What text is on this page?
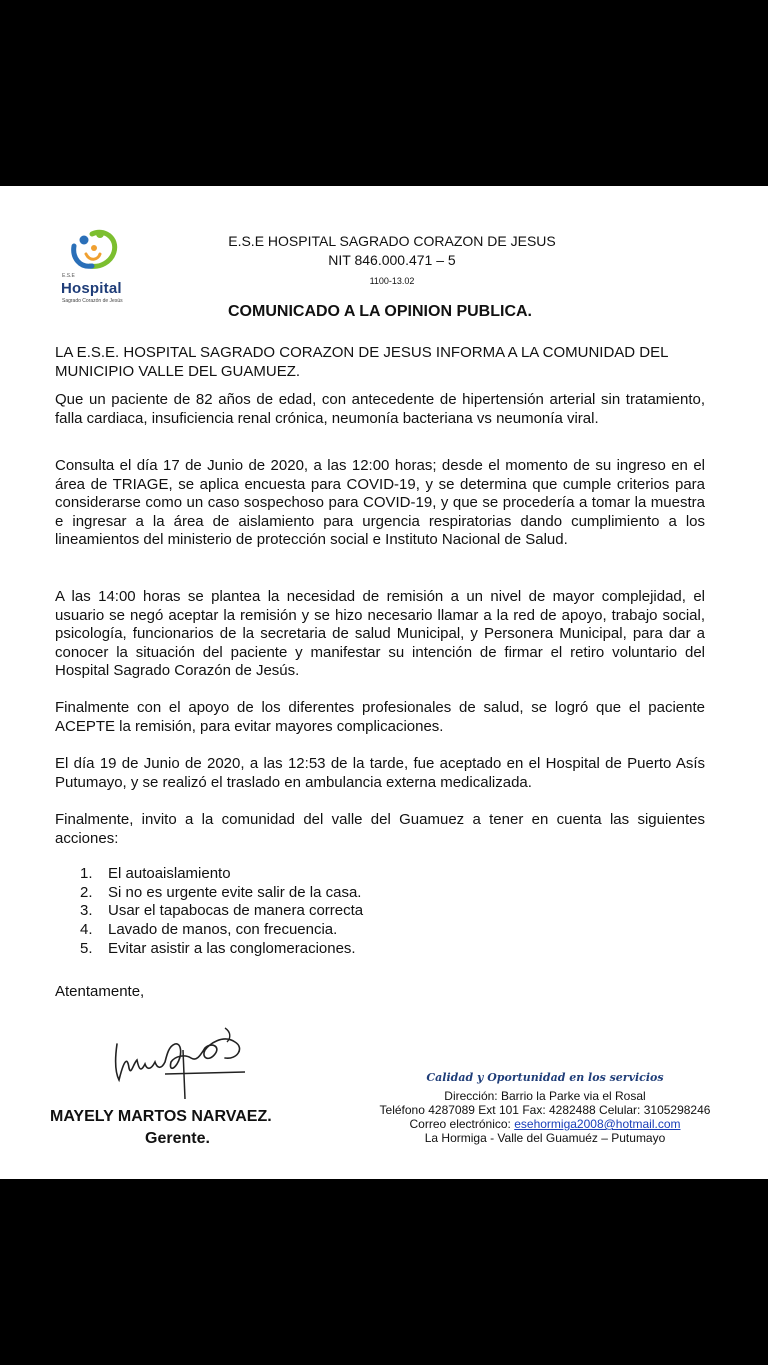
E.S.E
Hospital
Sagrado Corazón de Jesús
E.S.E HOSPITAL SAGRADO CORAZON DE JESUS
NIT 846.000.471 – 5
1100-13.02
COMUNICADO A LA OPINION PUBLICA.
LA E.S.E. HOSPITAL SAGRADO CORAZON DE JESUS INFORMA A LA COMUNIDAD DEL MUNICIPIO VALLE DEL GUAMUEZ.
Que un paciente de 82 años de edad, con antecedente de hipertensión arterial sin tratamiento, falla cardiaca, insuficiencia renal crónica, neumonía bacteriana vs neumonía viral.
Consulta el día 17 de Junio de 2020, a las 12:00 horas; desde el momento de su ingreso en el área de TRIAGE, se aplica encuesta para COVID-19, y se determina que cumple criterios para considerarse como un caso sospechoso para COVID-19, y que se procedería a tomar la muestra e ingresar a la área de aislamiento para urgencia respiratorias dando cumplimiento a los lineamientos del ministerio de protección social e Instituto Nacional de Salud.
A las 14:00 horas se plantea la necesidad de remisión a un nivel de mayor complejidad, el usuario se negó aceptar la remisión y se hizo necesario llamar a la red de apoyo, trabajo social, psicología, funcionarios de la secretaria de salud Municipal, y Personera Municipal, para dar a conocer la situación del paciente y manifestar su intención de firmar el retiro voluntario del Hospital Sagrado Corazón de Jesús.
Finalmente con el apoyo de los diferentes profesionales de salud, se logró que el paciente ACEPTE la remisión, para evitar mayores complicaciones.
El día 19 de Junio de 2020, a las 12:53 de la tarde, fue aceptado en el Hospital de Puerto Asís Putumayo, y se realizó el traslado en ambulancia externa medicalizada.
Finalmente, invito a la comunidad del valle del Guamuez a tener en cuenta las siguientes acciones:
1.	El autoaislamiento
2.	Si no es urgente evite salir de la casa.
3.	Usar el tapabocas de manera correcta
4.	Lavado de manos, con frecuencia.
5.	Evitar asistir a las conglomeraciones.
Atentamente,
MAYELY MARTOS NARVAEZ.
Gerente.
Calidad y Oportunidad en los servicios
Dirección: Barrio la Parke via el Rosal
Teléfono 4287089 Ext 101 Fax: 4282488 Celular: 3105298246
Correo electrónico: esehormiga2008@hotmail.com
La Hormiga - Valle del Guamuéz – Putumayo
